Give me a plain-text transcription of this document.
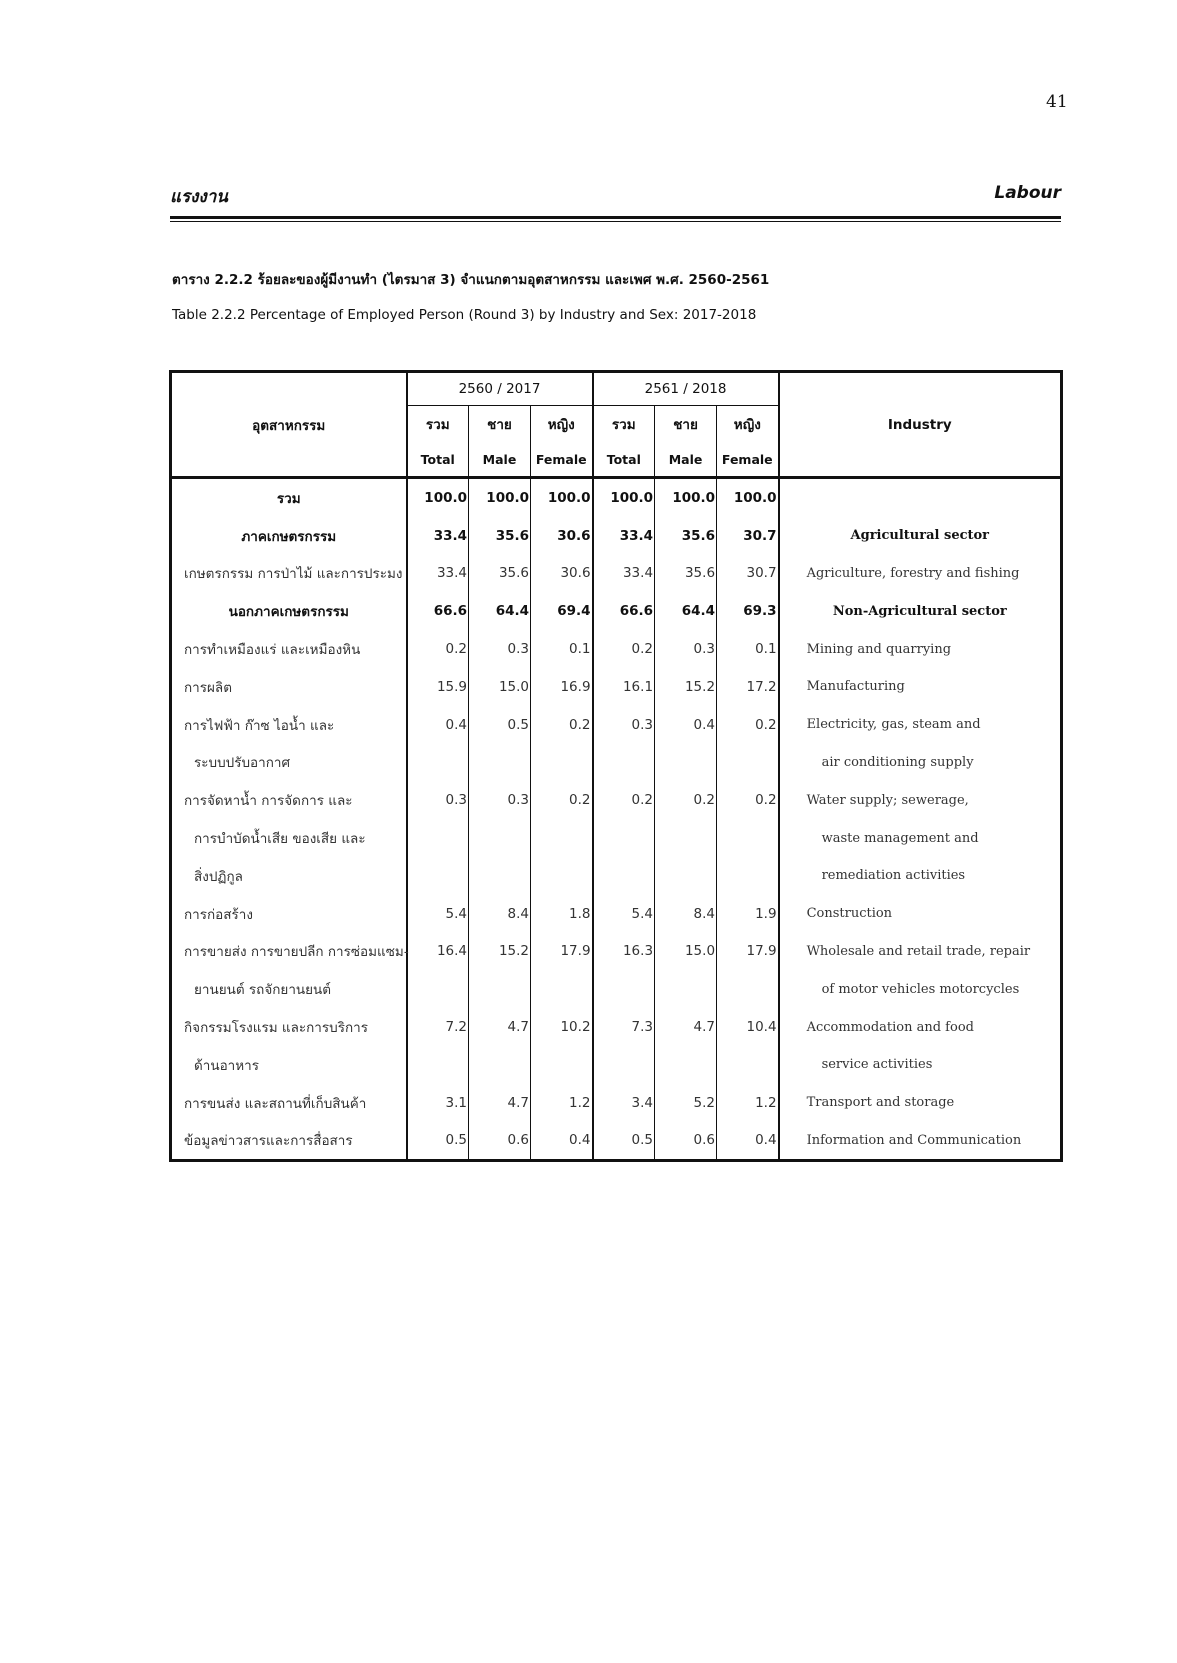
41
แรงงาน	Labour
ตาราง 2.2.2 ร้อยละของผู้มีงานทำ (ไตรมาส 3) จำแนกตามอุตสาหกรรม และเพศ พ.ศ. 2560-2561
Table 2.2.2 Percentage of Employed Person (Round 3) by Industry and Sex: 2017-2018
อุตสาหกรรม	2560 / 2017			2561 / 2018			Industry
	รวม	ชาย	หญิง	รวม	ชาย	หญิง	
	Total	Male	Female	Total	Male	Female	
รวม	100.0	100.0	100.0	100.0	100.0	100.0	
ภาคเกษตรกรรม	33.4	35.6	30.6	33.4	35.6	30.7	Agricultural sector
เกษตรกรรม การป่าไม้ และการประมง	33.4	35.6	30.6	33.4	35.6	30.7	Agriculture, forestry and fishing
นอกภาคเกษตรกรรม	66.6	64.4	69.4	66.6	64.4	69.3	Non-Agricultural sector
การทำเหมืองแร่ และเหมืองหิน	0.2	0.3	0.1	0.2	0.3	0.1	Mining and quarrying
การผลิต	15.9	15.0	16.9	16.1	15.2	17.2	Manufacturing
การไฟฟ้า ก๊าซ ไอน้ำ และ	0.4	0.5	0.2	0.3	0.4	0.2	Electricity, gas, steam and
ระบบปรับอากาศ							air conditioning supply
การจัดหาน้ำ การจัดการ และ	0.3	0.3	0.2	0.2	0.2	0.2	Water supply; sewerage,
การบำบัดน้ำเสีย ของเสีย และ							waste management and
สิ่งปฏิกูล							remediation activities
การก่อสร้าง	5.4	8.4	1.8	5.4	8.4	1.9	Construction
การขายส่ง การขายปลีก การซ่อมแซม-	16.4	15.2	17.9	16.3	15.0	17.9	Wholesale and retail trade, repair
ยานยนต์ รถจักยานยนต์							of motor vehicles motorcycles
กิจกรรมโรงแรม และการบริการ	7.2	4.7	10.2	7.3	4.7	10.4	Accommodation and food
ด้านอาหาร							service activities
การขนส่ง และสถานที่เก็บสินค้า	3.1	4.7	1.2	3.4	5.2	1.2	Transport and storage
ข้อมูลข่าวสารและการสื่อสาร	0.5	0.6	0.4	0.5	0.6	0.4	Information and Communication
